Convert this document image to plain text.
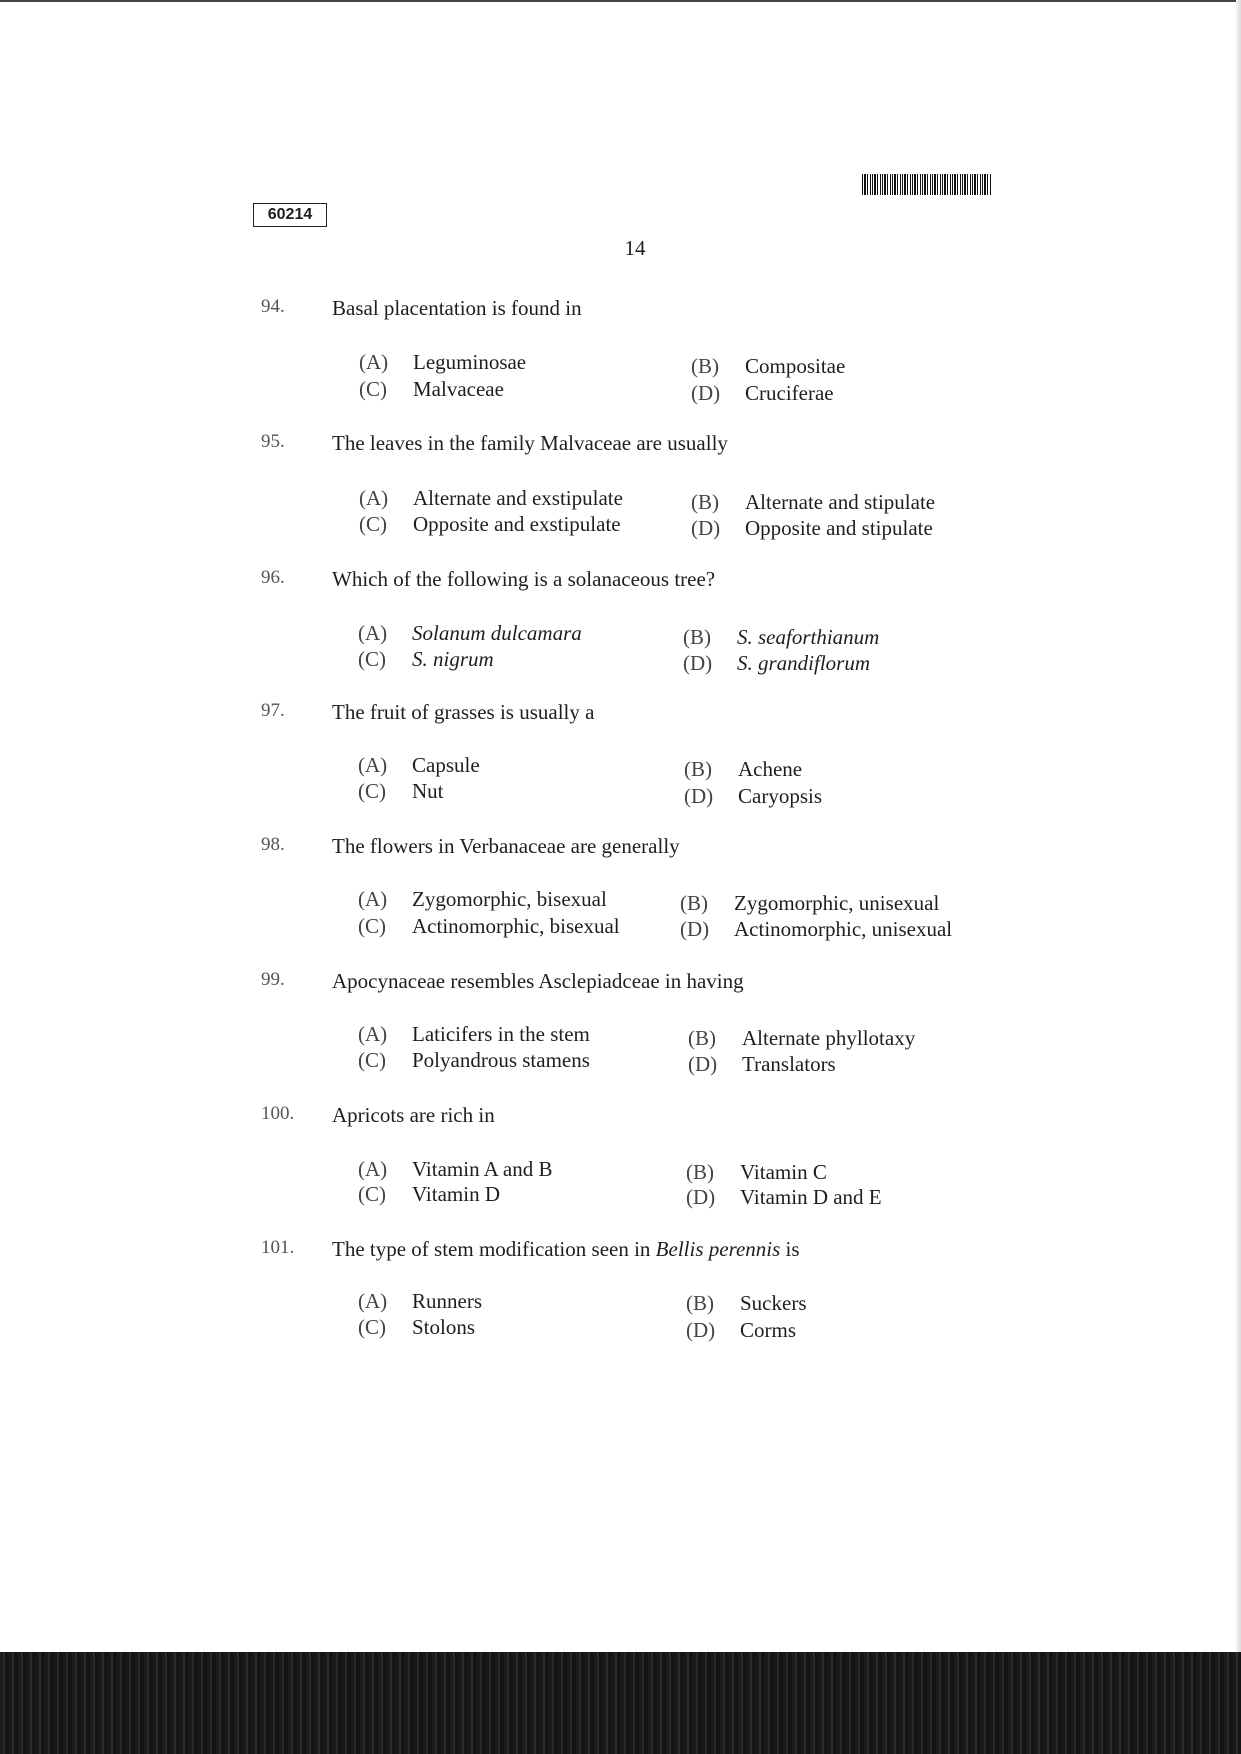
60214
14
94. Basal placentation is found in
(A) Leguminosae	(B) Compositae
(C) Malvaceae	(D) Cruciferae
95. The leaves in the family Malvaceae are usually
(A) Alternate and exstipulate	(B) Alternate and stipulate
(C) Opposite and exstipulate	(D) Opposite and stipulate
96. Which of the following is a solanaceous tree?
(A) Solanum dulcamara	(B) S. seaforthianum
(C) S. nigrum	(D) S. grandiflorum
97. The fruit of grasses is usually a
(A) Capsule	(B) Achene
(C) Nut	(D) Caryopsis
98. The flowers in Verbanaceae are generally
(A) Zygomorphic, bisexual	(B) Zygomorphic, unisexual
(C) Actinomorphic, bisexual	(D) Actinomorphic, unisexual
99. Apocynaceae resembles Asclepiadceae in having
(A) Laticifers in the stem	(B) Alternate phyllotaxy
(C) Polyandrous stamens	(D) Translators
100. Apricots are rich in
(A) Vitamin A and B	(B) Vitamin C
(C) Vitamin D	(D) Vitamin D and E
101. The type of stem modification seen in Bellis perennis is
(A) Runners	(B) Suckers
(C) Stolons	(D) Corms
